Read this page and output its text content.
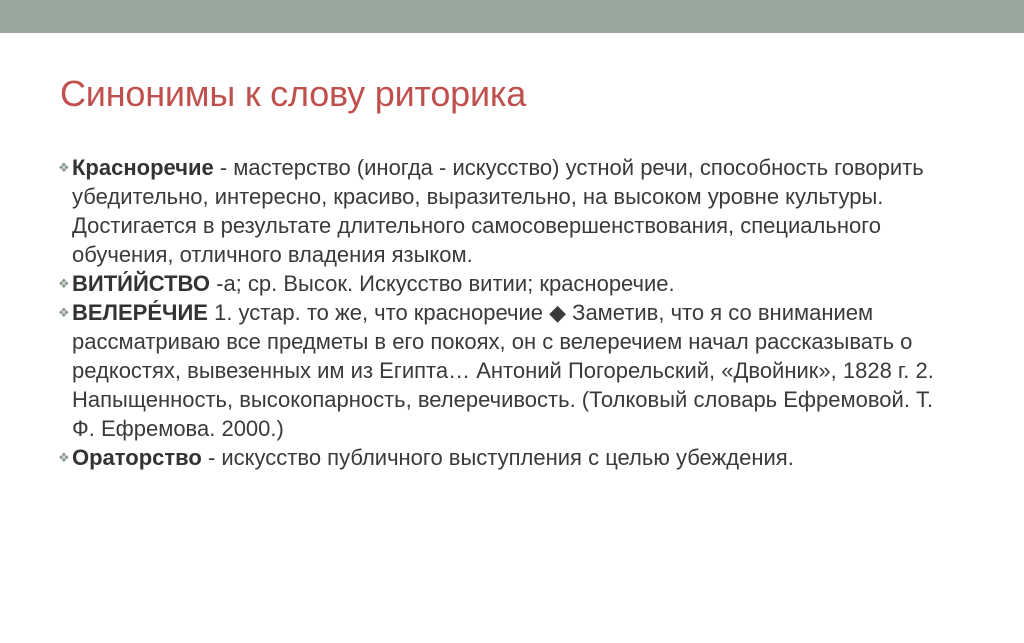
Синонимы к слову риторика
❖ Красноречие - мастерство (иногда - искусство) устной речи, способность говорить убедительно, интересно, красиво, выразительно, на высоком уровне культуры. Достигается в результате длительного самосовершенствования, специального обучения, отличного владения языком.
❖ ВИТИ́ЙСТВО -а; ср. Высок. Искусство витии; красноречие.
❖ ВЕЛЕРЕ́ЧИЕ 1. устар. то же, что красноречие ◆ Заметив, что я со вниманием рассматриваю все предметы в его покоях, он с велеречием начал рассказывать о редкостях, вывезенных им из Египта… Антоний Погорельский, «Двойник», 1828 г. 2. Напыщенность, высокопарность, велеречивость. (Толковый словарь Ефремовой. Т. Ф. Ефремова. 2000.)
❖ Ораторство - искусство публичного выступления с целью убеждения.
